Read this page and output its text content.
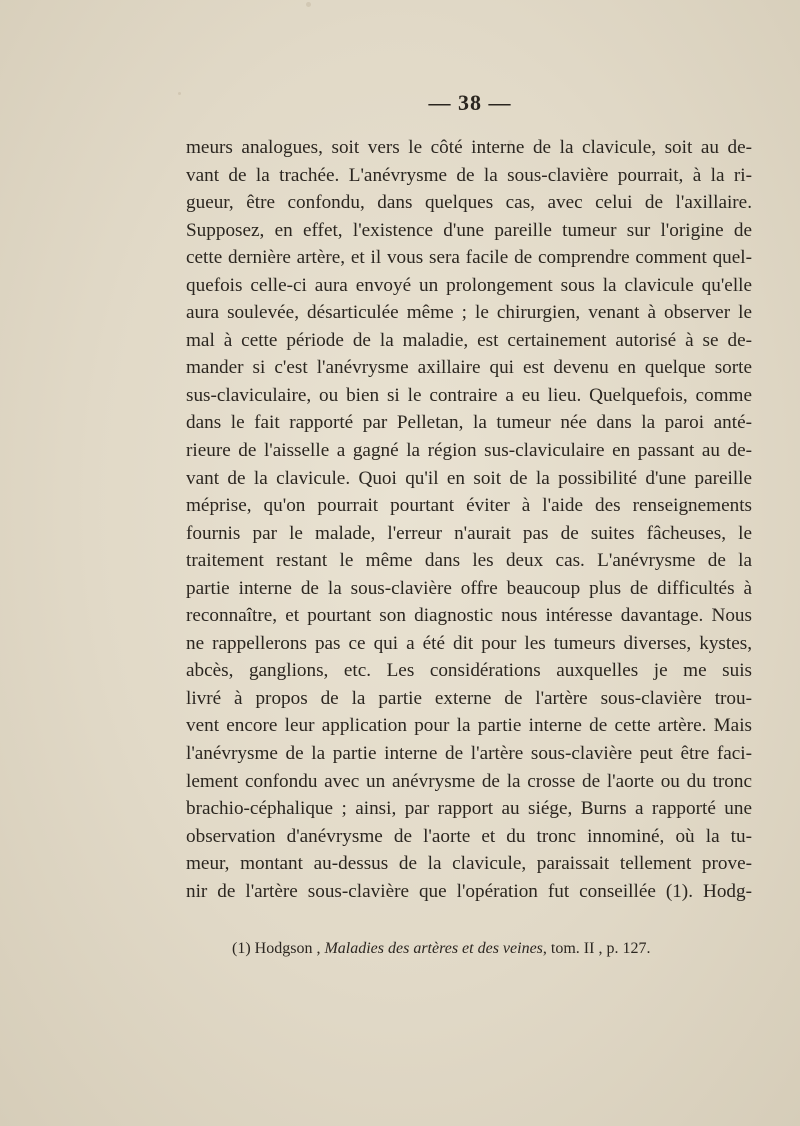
— 38 —
meurs analogues, soit vers le côté interne de la clavicule, soit au de-
vant de la trachée. L'anévrysme de la sous-clavière pourrait, à la ri-
gueur, être confondu, dans quelques cas, avec celui de l'axillaire.
Supposez, en effet, l'existence d'une pareille tumeur sur l'origine de
cette dernière artère, et il vous sera facile de comprendre comment quel-
quefois celle-ci aura envoyé un prolongement sous la clavicule qu'elle
aura soulevée, désarticulée même ; le chirurgien, venant à observer le
mal à cette période de la maladie, est certainement autorisé à se de-
mander si c'est l'anévrysme axillaire qui est devenu en quelque sorte
sus-claviculaire, ou bien si le contraire a eu lieu. Quelquefois, comme
dans le fait rapporté par Pelletan, la tumeur née dans la paroi anté-
rieure de l'aisselle a gagné la région sus-claviculaire en passant au de-
vant de la clavicule. Quoi qu'il en soit de la possibilité d'une pareille
méprise, qu'on pourrait pourtant éviter à l'aide des renseignements
fournis par le malade, l'erreur n'aurait pas de suites fâcheuses, le
traitement restant le même dans les deux cas. L'anévrysme de la
partie interne de la sous-clavière offre beaucoup plus de difficultés à
reconnaître, et pourtant son diagnostic nous intéresse davantage. Nous
ne rappellerons pas ce qui a été dit pour les tumeurs diverses, kystes,
abcès, ganglions, etc. Les considérations auxquelles je me suis
livré à propos de la partie externe de l'artère sous-clavière trou-
vent encore leur application pour la partie interne de cette artère. Mais
l'anévrysme de la partie interne de l'artère sous-clavière peut être faci-
lement confondu avec un anévrysme de la crosse de l'aorte ou du tronc
brachio-céphalique ; ainsi, par rapport au siége, Burns a rapporté une
observation d'anévrysme de l'aorte et du tronc innominé, où la tu-
meur, montant au-dessus de la clavicule, paraissait tellement prove-
nir de l'artère sous-clavière que l'opération fut conseillée (1). Hodg-
(1) Hodgson , Maladies des artères et des veines, tom. II , p. 127.
